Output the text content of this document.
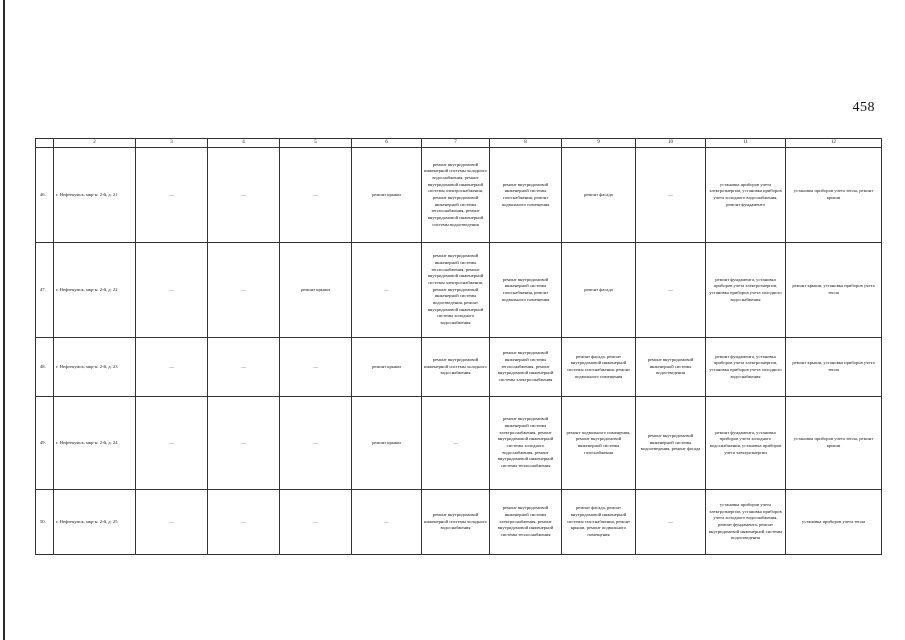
458
	2	3	4	5	6	7	8	9	10	11	12
46.	г. Нефтекумск, мкр-н. 2-й, д. 21	—	—	—	ремонт крыши	ремонт внутридомовой инженерной системы холодного водоснабжения, ремонт внутридомовой инженерной системы электроснабжения, ремонт внутридомовой инженерной системы теплоснабжения, ремонт внутридомовой инженерной системы водоотведения	ремонт внутридомовой инженерной системы газоснабжения, ремонт подвального помещения	ремонт фасада	—	установка приборов учета электроэнергии, установка приборов учета холодного водоснабжения, ремонт фундамента	установка приборов учета тепла, ремонт крыши
47.	г. Нефтекумск, мкр-н. 2-й, д. 22	—	—	ремонт крыши	—	ремонт внутридомовой инженерной системы теплоснабжения, ремонт внутридомовой инженерной системы электроснабжения, ремонт внутридомовой инженерной системы водоотведения, ремонт внутридомовой инженерной системы холодного водоснабжения	ремонт внутридомовой инженерной системы газоснабжения, ремонт подвального помещения	ремонт фасада	—	ремонт фундамента, установка приборов учета электроэнергии, установка приборов учета холодного водоснабжения	ремонт крыши, установка приборов учета тепла
48.	г. Нефтекумск, мкр-н. 2-й, д. 23	—	—	—	ремонт крыши	ремонт внутридомовой инженерной системы холодного водоснабжения	ремонт внутридомовой инженерной системы теплоснабжения, ремонт внутридомовой инженерной системы электроснабжения	ремонт фасада, ремонт внутридомовой инженерной системы газоснабжения, ремонт подвального помещения	ремонт внутридомовой инженерной системы водоотведения	ремонт фундамента, установка приборов учета электроэнергии, установка приборов учета холодного водоснабжения	ремонт крыши, установка приборов учета тепла
49.	г. Нефтекумск, мкр-н. 2-й, д. 24	—	—	—	ремонт крыши	—	ремонт внутридомовой инженерной системы электроснабжения, ремонт внутридомовой инженерной системы холодного водоснабжения, ремонт внутридомовой инженерной системы теплоснабжения	ремонт подвального помещения, ремонт внутридомовой инженерной системы газоснабжения	ремонт внутридомовой инженерной системы водоотведения, ремонт фасада	ремонт фундамента, установка приборов учета холодного водоснабжения, установка приборов учета электроэнергии	установка приборов учета тепла, ремонт крыши
50.	г. Нефтекумск, мкр-н. 2-й, д. 25	—	—	—	—	ремонт внутридомовой инженерной системы холодного водоснабжения	ремонт внутридомовой инженерной системы электроснабжения, ремонт внутридомовой инженерной системы теплоснабжения	ремонт фасада, ремонт внутридомовой инженерной системы газоснабжения, ремонт крыши, ремонт подвального помещения	—	установка приборов учета электроэнергии, установка приборов учета холодного водоснабжения, ремонт фундамента, ремонт внутридомовой инженерной системы водоотведения	установка приборов учета тепла
